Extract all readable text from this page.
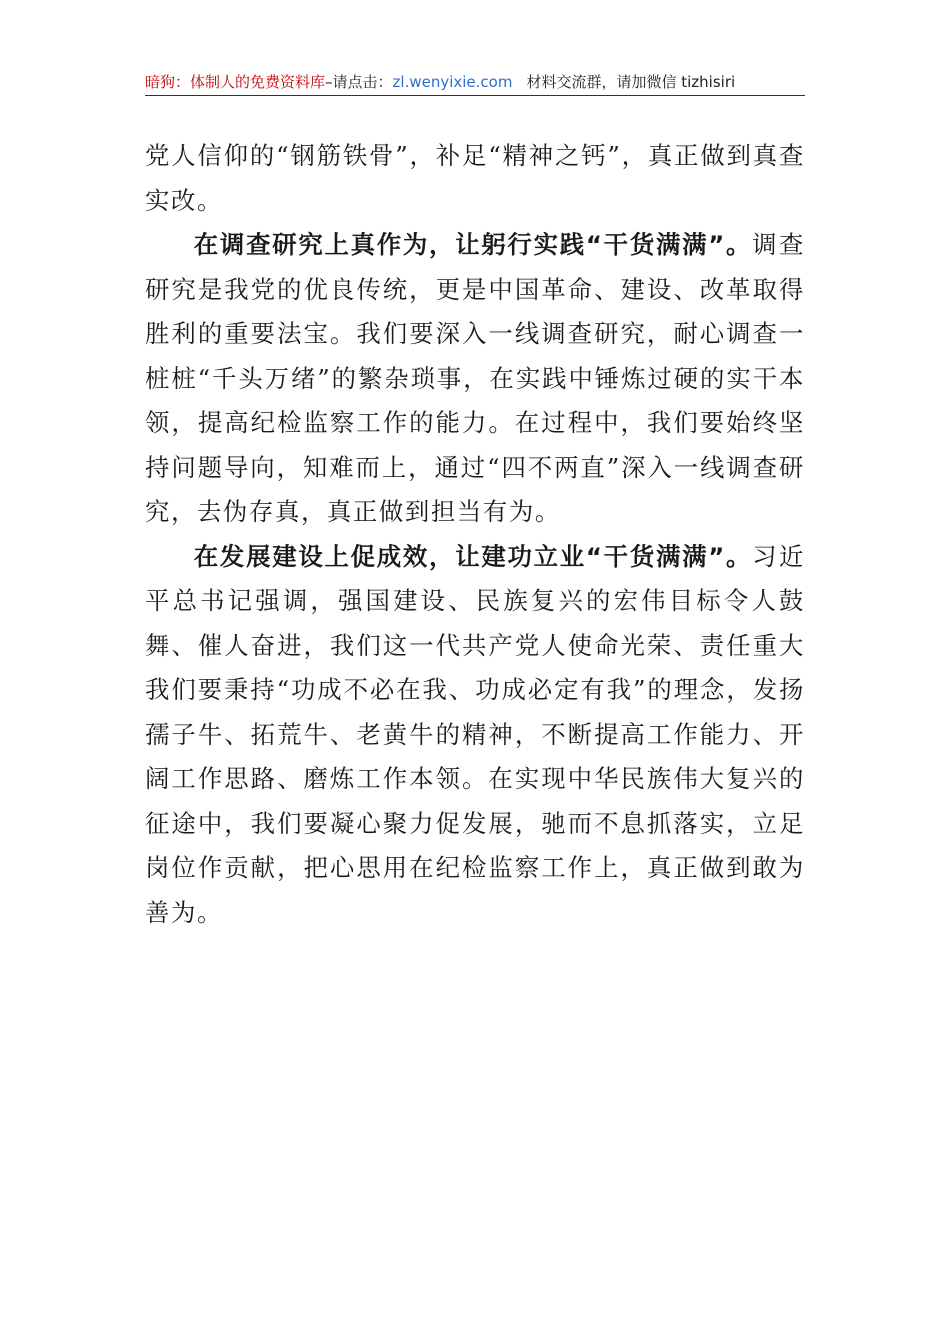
暗狗：体制人的免费资料库 –请点击： zl.wenyixie.com 材料交流群，请加微信 tizhisiri

党人信仰的“钢筋铁骨”，补足“精神之钙”，真正做到真查实改。

在调查研究上真作为，让躬行实践“干货满满”。调查研究是我党的优良传统，更是中国革命、建设、改革取得胜利的重要法宝。我们要深入一线调查研究，耐心调查一桩桩“千头万绪”的繁杂琐事，在实践中锤炼过硬的实干本领，提高纪检监察工作的能力。在过程中，我们要始终坚持问题导向，知难而上，通过“四不两直”深入一线调查研究，去伪存真，真正做到担当有为。

在发展建设上促成效，让建功立业“干货满满”。习近平总书记强调，强国建设、民族复兴的宏伟目标令人鼓舞、催人奋进，我们这一代共产党人使命光荣、责任重大我们要秉持“功成不必在我、功成必定有我”的理念，发扬孺子牛、拓荒牛、老黄牛的精神，不断提高工作能力、开阔工作思路、磨炼工作本领。在实现中华民族伟大复兴的征途中，我们要凝心聚力促发展，驰而不息抓落实，立足岗位作贡献，把心思用在纪检监察工作上，真正做到敢为善为。
